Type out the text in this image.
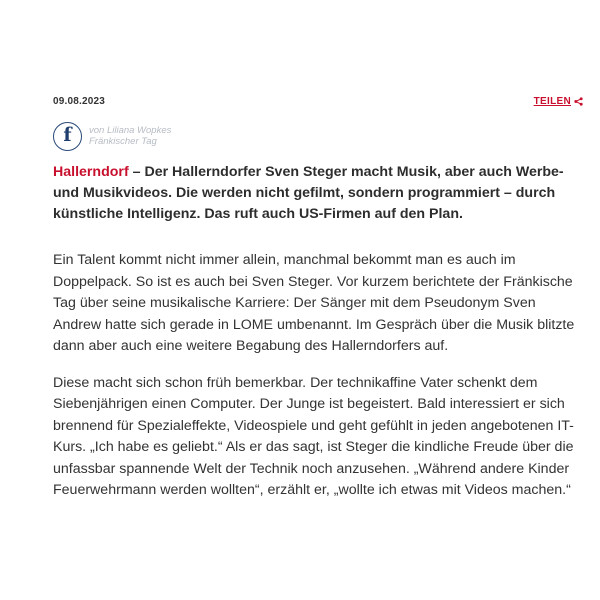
09.08.2023	TEILEN
f von Liliana Wopkes
Fränkischer Tag

Hallerndorf – Der Hallerndorfer Sven Steger macht Musik, aber auch Werbe- und Musikvideos. Die werden nicht gefilmt, sondern programmiert – durch künstliche Intelligenz. Das ruft auch US-Firmen auf den Plan.

Ein Talent kommt nicht immer allein, manchmal bekommt man es auch im Doppelpack. So ist es auch bei Sven Steger. Vor kurzem berichtete der Fränkische Tag über seine musikalische Karriere: Der Sänger mit dem Pseudonym Sven Andrew hatte sich gerade in LOME umbenannt. Im Gespräch über die Musik blitzte dann aber auch eine weitere Begabung des Hallerndorfers auf.

Diese macht sich schon früh bemerkbar. Der technikaffine Vater schenkt dem Siebenjährigen einen Computer. Der Junge ist begeistert. Bald interessiert er sich brennend für Spezialeffekte, Videospiele und geht gefühlt in jeden angebotenen IT-Kurs. „Ich habe es geliebt.“ Als er das sagt, ist Steger die kindliche Freude über die unfassbar spannende Welt der Technik noch anzusehen. „Während andere Kinder Feuerwehrmann werden wollten“, erzählt er, „wollte ich etwas mit Videos machen.“
